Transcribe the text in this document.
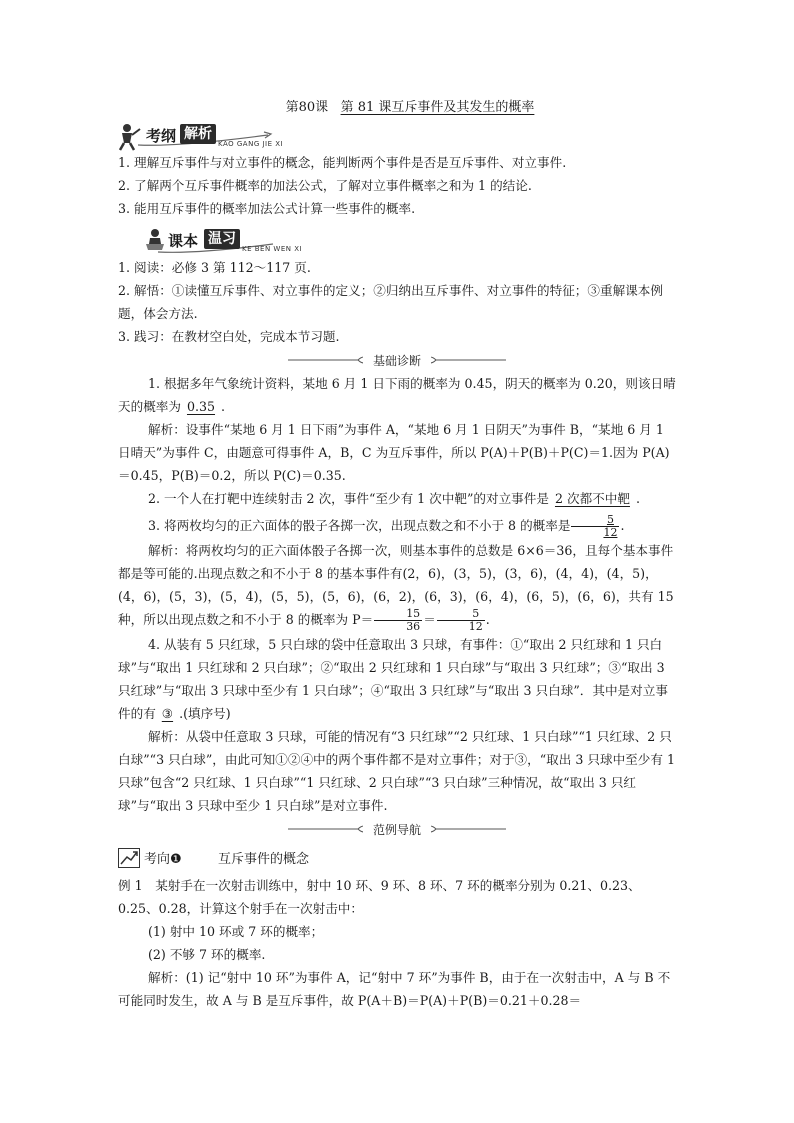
第80课 第 81 课互斥事件及其发生的概率
考纲 解析
KAO GANG JIE XI

1. 理解互斥事件与对立事件的概念，能判断两个事件是否是互斥事件、对立事件.

2. 了解两个互斥事件概率的加法公式，了解对立事件概率之和为 1 的结论.

3. 能用互斥事件的概率加法公式计算一些事件的概率.

课本 温习
KE BEN WEN XI

1. 阅读：必修 3 第 112～117 页.

2. 解悟：①读懂互斥事件、对立事件的定义；②归纳出互斥事件、对立事件的特征；③重解课本例题，体会方法.

3. 践习：在教材空白处，完成本节习题.

基础诊断

1. 根据多年气象统计资料，某地 6 月 1 日下雨的概率为 0.45，阴天的概率为 0.20，则该日晴天的概率为 0.35 .

解析：设事件“某地 6 月 1 日下雨”为事件 A，“某地 6 月 1 日阴天”为事件 B，“某地 6 月 1 日晴天”为事件 C，由题意可得事件 A，B，C 为互斥事件，所以 P(A)＋P(B)＋P(C)＝1.因为 P(A)＝0.45，P(B)＝0.2，所以 P(C)＝0.35.

2. 一个人在打靶中连续射击 2 次，事件“至少有 1 次中靶”的对立事件是 2 次都不中靶 .

3. 将两枚均匀的正六面体的骰子各掷一次，出现点数之和不小于 8 的概率是 $\frac{5}{12}$ .

解析：将两枚均匀的正六面体骰子各掷一次，则基本事件的总数是 6×6＝36，且每个基本事件都是等可能的.出现点数之和不小于 8 的基本事件有(2，6)，(3，5)，(3，6)，(4，4)，(4，5)，(4，6)，(5，3)，(5，4)，(5，5)，(5，6)，(6，2)，(6，3)，(6，4)，(6，5)，(6，6)，共有 15 种，所以出现点数之和不小于 8 的概率为 $P= \frac{15}{36} = \frac{5}{12}$ .

4. 从装有 5 只红球，5 只白球的袋中任意取出 3 只球，有事件：①“取出 2 只红球和 1 只白球”与“取出 1 只红球和 2 只白球”；②“取出 2 只红球和 1 只白球”与“取出 3 只红球”；③“取出 3 只红球”与“取出 3 只球中至少有 1 只白球”；④“取出 3 只红球”与“取出 3 只白球”．其中是对立事件的有 ③ .(填序号)

解析：从袋中任意取 3 只球，可能的情况有“3 只红球”“2 只红球、1 只白球”“1 只红球、2 只白球”“3 只白球”，由此可知①②④中的两个事件都不是对立事件；对于③，“取出 3 只球中至少有 1 只球”包含“2 只红球、1 只白球”“1 只红球、2 只白球”“3 只白球”三种情况，故“取出 3 只红球”与“取出 3 只球中至少 1 只白球”是对立事件.

范例导航
考向❶	互斥事件的概念

例 1　某射手在一次射击训练中，射中 10 环、9 环、8 环、7 环的概率分别为 0.21、0.23、0.25、0.28，计算这个射手在一次射击中：

(1) 射中 10 环或 7 环的概率；

(2) 不够 7 环的概率.

解析：(1) 记“射中 10 环”为事件 A，记“射中 7 环”为事件 B，由于在一次射击中，A 与 B 不可能同时发生，故 A 与 B 是互斥事件，故 P(A＋B)＝P(A)＋P(B)＝0.21＋0.28＝
